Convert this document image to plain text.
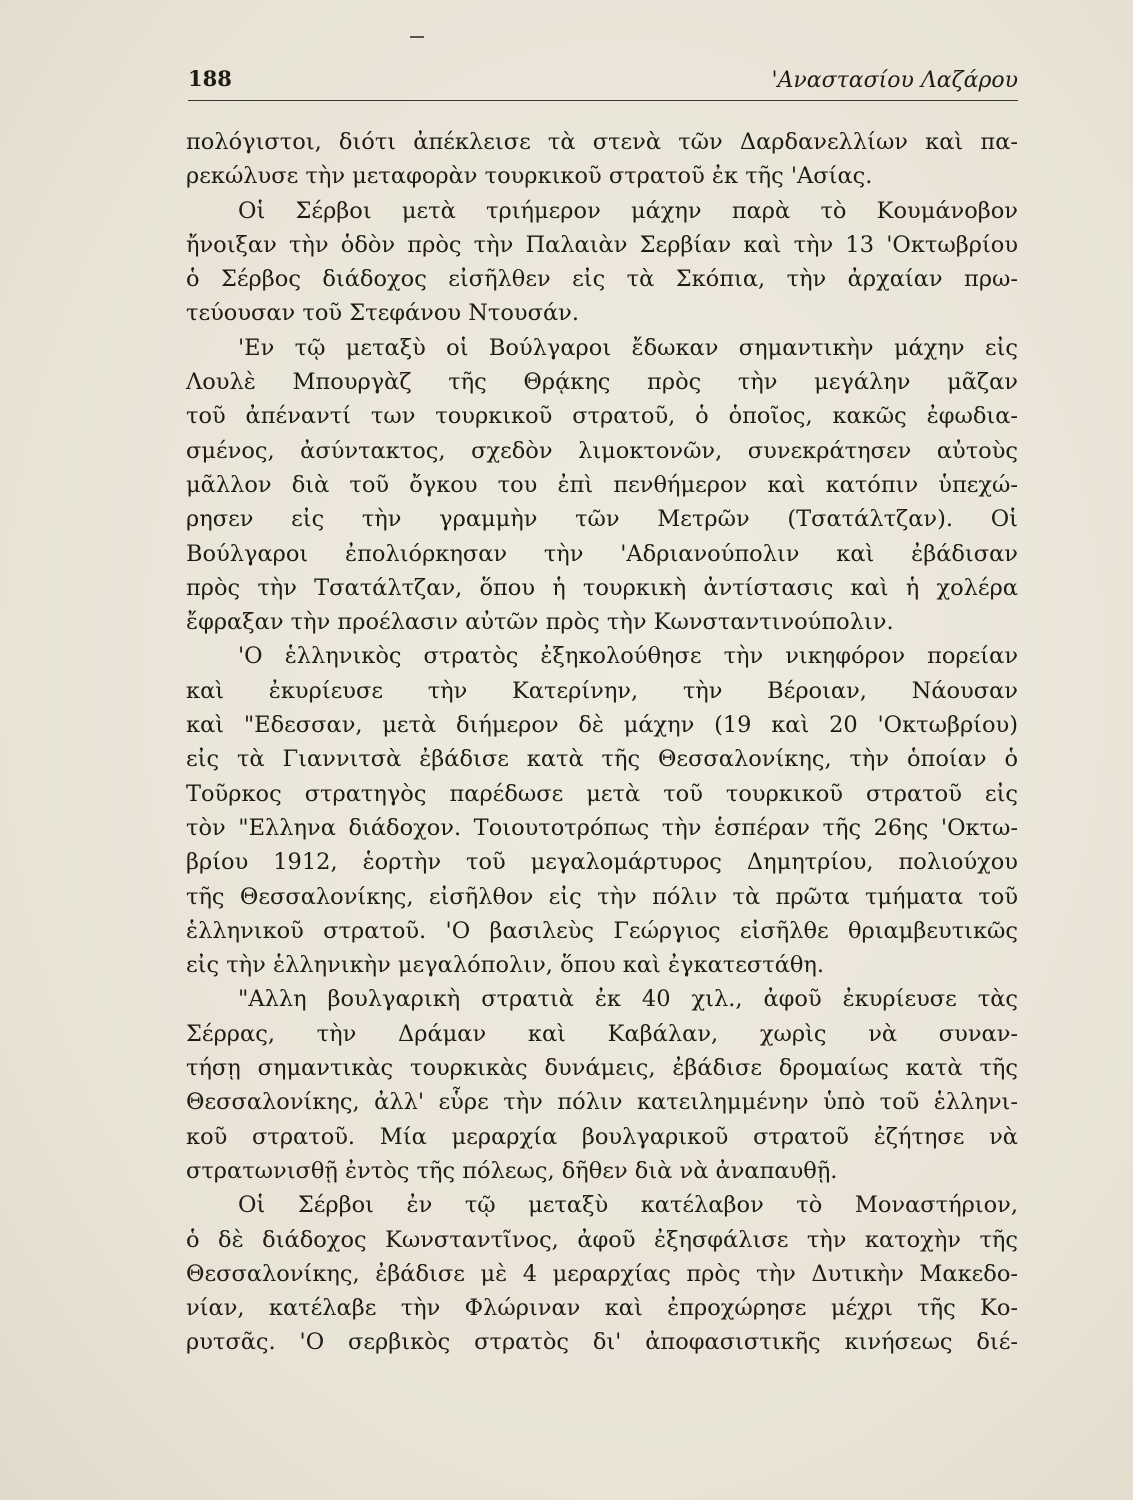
188	'Αναστασίου Λαζάρου
πολόγιστοι, διότι ἀπέκλεισε τὰ στενὰ τῶν Δαρδανελλίων καὶ πα-
ρεκώλυσε τὴν μεταφορὰν τουρκικοῦ στρατοῦ ἐκ τῆς 'Ασίας.
Οἱ Σέρβοι μετὰ τριήμερον μάχην παρὰ τὸ Κουμάνοβον
ἤνοιξαν τὴν ὁδὸν πρὸς τὴν Παλαιὰν Σερβίαν καὶ τὴν 13 'Οκτωβρίου
ὁ Σέρβος διάδοχος εἰσῆλθεν εἰς τὰ Σκόπια, τὴν ἀρχαίαν πρω-
τεύουσαν τοῦ Στεφάνου Ντουσάν.
'Εν τῷ μεταξὺ οἱ Βούλγαροι ἔδωκαν σημαντικὴν μάχην εἰς
Λουλὲ Μπουργὰζ τῆς Θρᾴκης πρὸς τὴν μεγάλην μᾶζαν
τοῦ ἀπέναντί των τουρκικοῦ στρατοῦ, ὁ ὁποῖος, κακῶς ἐφωδια-
σμένος, ἀσύντακτος, σχεδὸν λιμοκτονῶν, συνεκράτησεν αὐτοὺς
μᾶλλον διὰ τοῦ ὄγκου του ἐπὶ πενθήμερον καὶ κατόπιν ὑπεχώ-
ρησεν εἰς τὴν γραμμὴν τῶν Μετρῶν (Τσατάλτζαν). Οἱ
Βούλγαροι ἐπολιόρκησαν τὴν 'Αδριανούπολιν καὶ ἐβάδισαν
πρὸς τὴν Τσατάλτζαν, ὅπου ἡ τουρκικὴ ἀντίστασις καὶ ἡ χολέρα
ἔφραξαν τὴν προέλασιν αὐτῶν πρὸς τὴν Κωνσταντινούπολιν.
'Ο ἑλληνικὸς στρατὸς ἐξηκολούθησε τὴν νικηφόρον πορείαν
καὶ ἐκυρίευσε τὴν Κατερίνην, τὴν Βέροιαν, Νάουσαν
καὶ "Εδεσσαν, μετὰ διήμερον δὲ μάχην (19 καὶ 20 'Οκτωβρίου)
εἰς τὰ Γιαννιτσὰ ἐβάδισε κατὰ τῆς Θεσσαλονίκης, τὴν ὁποίαν ὁ
Τοῦρκος στρατηγὸς παρέδωσε μετὰ τοῦ τουρκικοῦ στρατοῦ εἰς
τὸν "Ελληνα διάδοχον. Τοιουτοτρόπως τὴν ἑσπέραν τῆς 26ης 'Οκτω-
βρίου 1912, ἑορτὴν τοῦ μεγαλομάρτυρος Δημητρίου, πολιούχου
τῆς Θεσσαλονίκης, εἰσῆλθον εἰς τὴν πόλιν τὰ πρῶτα τμήματα τοῦ
ἑλληνικοῦ στρατοῦ. 'Ο βασιλεὺς Γεώργιος εἰσῆλθε θριαμβευτικῶς
εἰς τὴν ἑλληνικὴν μεγαλόπολιν, ὅπου καὶ ἐγκατεστάθη.
"Αλλη βουλγαρικὴ στρατιὰ ἐκ 40 χιλ., ἀφοῦ ἐκυρίευσε τὰς
Σέρρας, τὴν Δράμαν καὶ Καβάλαν, χωρὶς νὰ συναν-
τήσῃ σημαντικὰς τουρκικὰς δυνάμεις, ἐβάδισε δρομαίως κατὰ τῆς
Θεσσαλονίκης, ἀλλ' εὗρε τὴν πόλιν κατειλημμένην ὑπὸ τοῦ ἑλληνι-
κοῦ στρατοῦ. Μία μεραρχία βουλγαρικοῦ στρατοῦ ἐζήτησε νὰ
στρατωνισθῇ ἐντὸς τῆς πόλεως, δῆθεν διὰ νὰ ἀναπαυθῇ.
Οἱ Σέρβοι ἐν τῷ μεταξὺ κατέλαβον τὸ Μοναστήριον,
ὁ δὲ διάδοχος Κωνσταντῖνος, ἀφοῦ ἐξησφάλισε τὴν κατοχὴν τῆς
Θεσσαλονίκης, ἐβάδισε μὲ 4 μεραρχίας πρὸς τὴν Δυτικὴν Μακεδο-
νίαν, κατέλαβε τὴν Φλώριναν καὶ ἐπροχώρησε μέχρι τῆς Κο-
ρυτσᾶς. 'Ο σερβικὸς στρατὸς δι' ἀποφασιστικῆς κινήσεως διέ-
